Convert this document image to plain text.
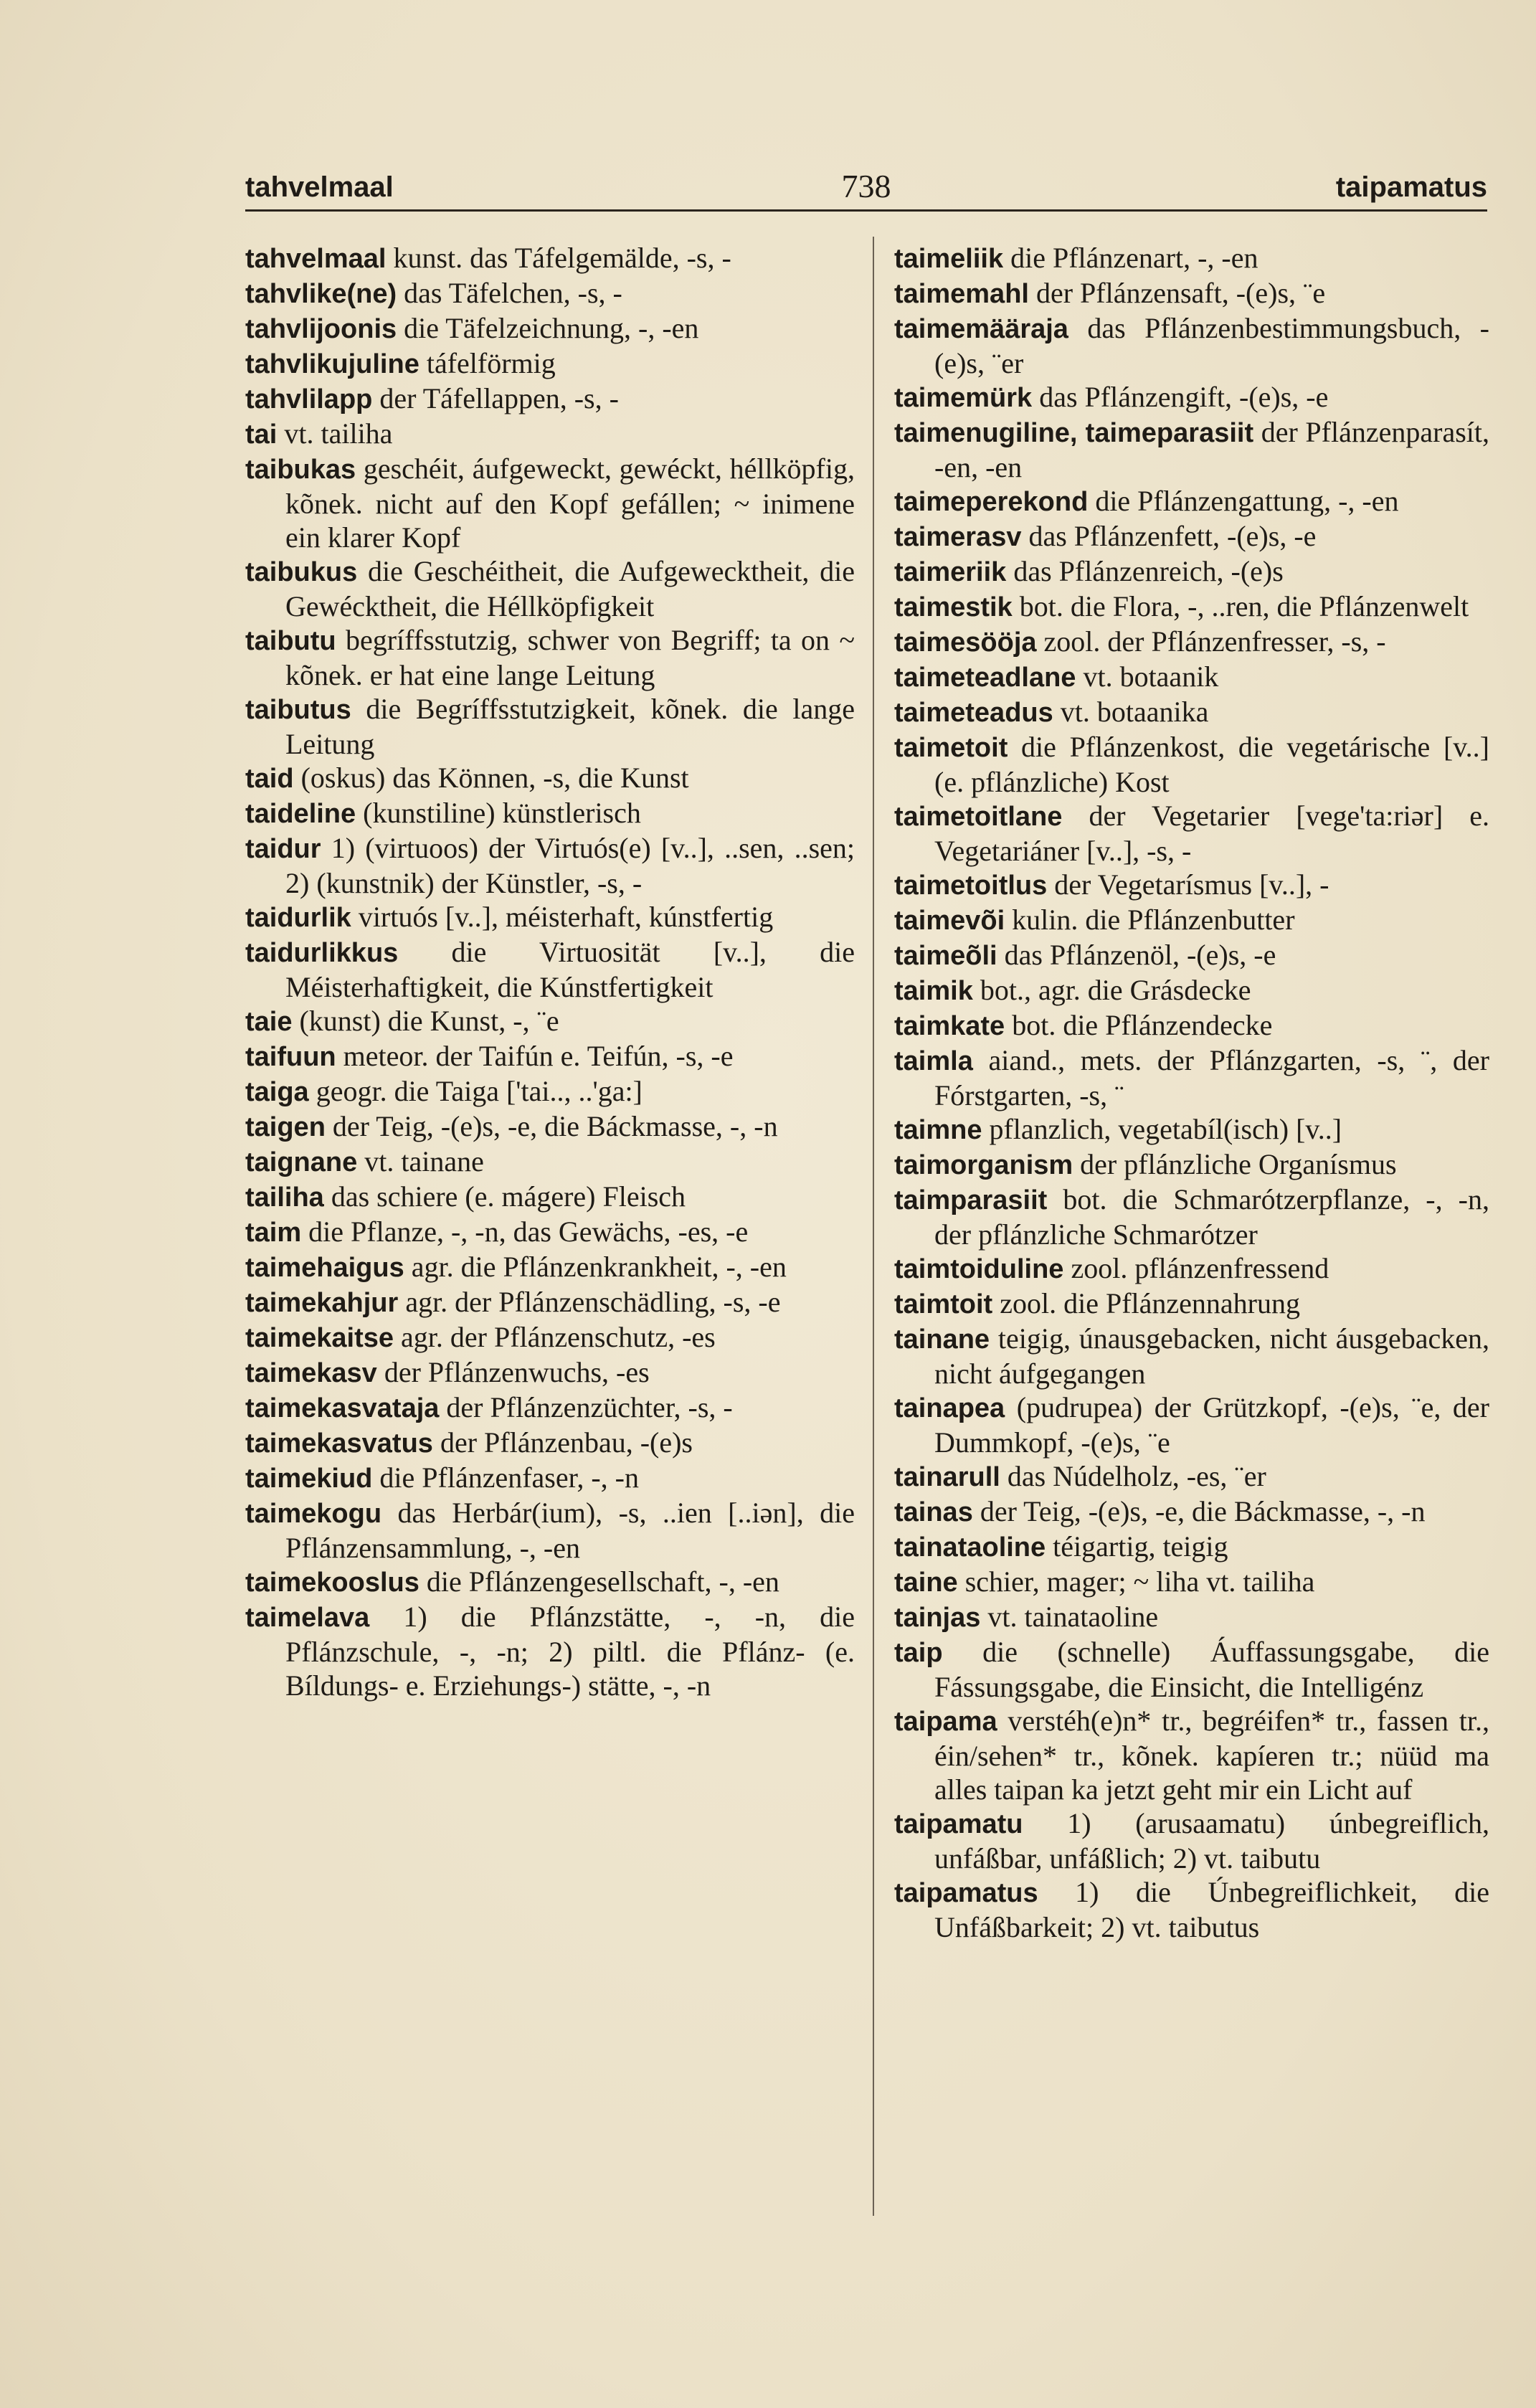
tahvelmaal	738	taipamatus
tahvelmaal kunst. das Táfelgemälde, -s, -
tahvlike(ne) das Täfelchen, -s, -
tahvlijoonis die Täfelzeichnung, -, -en
tahvlikujuline táfelförmig
tahvlilapp der Táfellappen, -s, -
tai vt. tailiha
taibukas geschéit, áufgeweckt, gewéckt, héllköpfig, kõnek. nicht auf den Kopf gefállen; ~ inimene ein klarer Kopf
taibukus die Geschéitheit, die Aufgewecktheit, die Gewécktheit, die Héllköpfigkeit
taibutu begríffsstutzig, schwer von Begriff; ta on ~ kõnek. er hat eine lange Leitung
taibutus die Begríffsstutzigkeit, kõnek. die lange Leitung
taid (oskus) das Können, -s, die Kunst
taideline (kunstiline) künstlerisch
taidur 1) (virtuoos) der Virtuós(e) [v..], ..sen, ..sen; 2) (kunstnik) der Künstler, -s, -
taidurlik virtuós [v..], méisterhaft, kúnstfertig
taidurlikkus die Virtuosität [v..], die Méisterhaftigkeit, die Kúnstfertigkeit
taie (kunst) die Kunst, -, ¨e
taifuun meteor. der Taifún e. Teifún, -s, -e
taiga geogr. die Taiga ['tai.., ..'ga:]
taigen der Teig, -(e)s, -e, die Báckmasse, -, -n
taignane vt. tainane
tailiha das schiere (e. mágere) Fleisch
taim die Pflanze, -, -n, das Gewächs, -es, -e
taimehaigus agr. die Pflánzenkrankheit, -, -en
taimekahjur agr. der Pflánzenschädling, -s, -e
taimekaitse agr. der Pflánzenschutz, -es
taimekasv der Pflánzenwuchs, -es
taimekasvataja der Pflánzenzüchter, -s, -
taimekasvatus der Pflánzenbau, -(e)s
taimekiud die Pflánzenfaser, -, -n
taimekogu das Herbár(ium), -s, ..ien [..iən], die Pflánzensammlung, -, -en
taimekooslus die Pflánzengesellschaft, -, -en
taimelava 1) die Pflánzstätte, -, -n, die Pflánzschule, -, -n; 2) piltl. die Pflánz- (e. Bíldungs- e. Erziehungs-) stätte, -, -n
taimeliik die Pflánzenart, -, -en
taimemahl der Pflánzensaft, -(e)s, ¨e
taimemääraja das Pflánzenbestimmungsbuch, -(e)s, ¨er
taimemürk das Pflánzengift, -(e)s, -e
taimenugiline, taimeparasiit der Pflánzenparasít, -en, -en
taimeperekond die Pflánzengattung, -, -en
taimerasv das Pflánzenfett, -(e)s, -e
taimeriik das Pflánzenreich, -(e)s
taimestik bot. die Flora, -, ..ren, die Pflánzenwelt
taimesööja zool. der Pflánzenfresser, -s, -
taimeteadlane vt. botaanik
taimeteadus vt. botaanika
taimetoit die Pflánzenkost, die vegetárische [v..] (e. pflánzliche) Kost
taimetoitlane der Vegetarier [vege'ta:riər] e. Vegetariáner [v..], -s, -
taimetoitlus der Vegetarísmus [v..], -
taimevõi kulin. die Pflánzenbutter
taimeõli das Pflánzenöl, -(e)s, -e
taimik bot., agr. die Grásdecke
taimkate bot. die Pflánzendecke
taimla aiand., mets. der Pflánzgarten, -s, ¨, der Fórstgarten, -s, ¨
taimne pflanzlich, vegetabíl(isch) [v..]
taimorganism der pflánzliche Organísmus
taimparasiit bot. die Schmarótzerpflanze, -, -n, der pflánzliche Schmarótzer
taimtoiduline zool. pflánzenfressend
taimtoit zool. die Pflánzennahrung
tainane teigig, únausgebacken, nicht áusgebacken, nicht áufgegangen
tainapea (pudrupea) der Grützkopf, -(e)s, ¨e, der Dummkopf, -(e)s, ¨e
tainarull das Núdelholz, -es, ¨er
tainas der Teig, -(e)s, -e, die Báckmasse, -, -n
tainataoline téigartig, teigig
taine schier, mager; ~ liha vt. tailiha
tainjas vt. tainataoline
taip die (schnelle) Áuffassungsgabe, die Fássungsgabe, die Einsicht, die Intelligénz
taipama verstéh(e)n* tr., begréifen* tr., fassen tr., éin/sehen* tr., kõnek. kapíeren tr.; nüüd ma alles taipan ka jetzt geht mir ein Licht auf
taipamatu 1) (arusaamatu) únbegreiflich, unfáßbar, unfáßlich; 2) vt. taibutu
taipamatus 1) die Únbegreiflichkeit, die Unfáßbarkeit; 2) vt. taibutus
